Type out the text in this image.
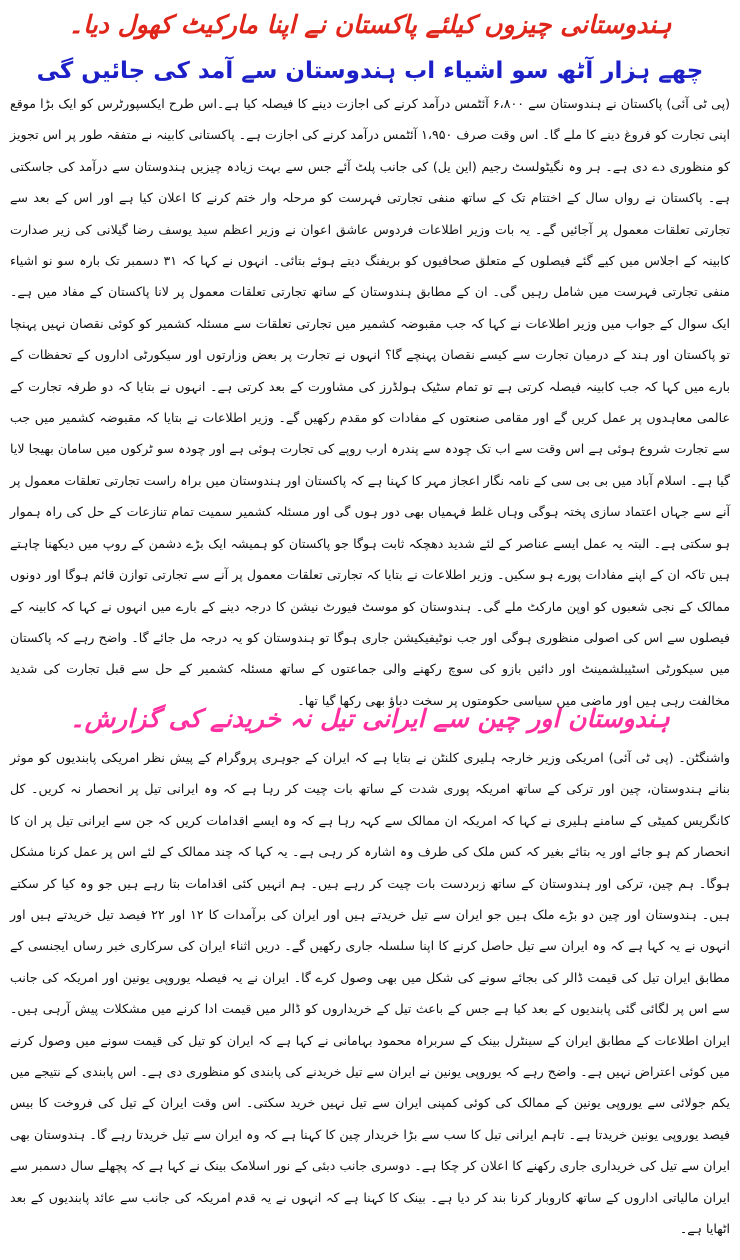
ہندوستانی چیزوں کیلئے پاکستان نے اپنا مارکیٹ کھول دیا۔
چھے ہزار آٹھ سو اشیاء اب ہندوستان سے آمد کی جائیں گی

(پی ٹی آئی) پاکستان نے ہندوستان سے ۶،۸۰۰ آئٹمس درآمد کرنے کی اجازت دینے کا فیصلہ کیا ہے۔اس طرح ایکسپورٹرس کو ایک بڑا موقع اپنی تجارت کو فروغ دینے کا ملے گا۔ اس وقت صرف ۱،۹۵۰ آئٹمس درآمد کرنے کی اجازت ہے۔ پاکستانی کابینہ نے متفقہ طور پر اس تجویز کو منظوری دے دی ہے۔ ہر وہ نگیٹولسٹ رجیم (این یل) کی جانب پلٹ آئے جس سے بہت زیادہ چیزیں ہندوستان سے درآمد کی جاسکتی ہے۔ پاکستان نے رواں سال کے اختتام تک کے ساتھ منفی تجارتی فہرست کو مرحلہ وار ختم کرنے کا اعلان کیا ہے اور اس کے بعد سے تجارتی تعلقات معمول پر آجائیں گے۔ یہ بات وزیر اطلاعات فردوس عاشق اعوان نے وزیر اعظم سید یوسف رضا گیلانی کی زیر صدارت کابینہ کے اجلاس میں کیے گئے فیصلوں کے متعلق صحافیوں کو بریفنگ دیتے ہوئے بتائی۔ انہوں نے کہا کہ ۳۱ دسمبر تک بارہ سو نو اشیاء منفی تجارتی فہرست میں شامل رہیں گی۔ ان کے مطابق ہندوستان کے ساتھ تجارتی تعلقات معمول پر لانا پاکستان کے مفاد میں ہے۔ ایک سوال کے جواب میں وزیر اطلاعات نے کہا کہ جب مقبوضہ کشمیر میں تجارتی تعلقات سے مسئلہ کشمیر کو کوئی نقصان نہیں پہنچا تو پاکستان اور ہند کے درمیان تجارت سے کیسے نقصان پہنچے گا؟ انہوں نے تجارت پر بعض وزارتوں اور سیکورٹی اداروں کے تحفظات کے بارے میں کہا کہ جب کابینہ فیصلہ کرتی ہے تو تمام سٹیک ہولڈرز کی مشاورت کے بعد کرتی ہے۔ انہوں نے بتایا کہ دو طرفہ تجارت کے عالمی معاہدوں پر عمل کریں گے اور مقامی صنعتوں کے مفادات کو مقدم رکھیں گے۔ وزیر اطلاعات نے بتایا کہ مقبوضہ کشمیر میں جب سے تجارت شروع ہوئی ہے اس وقت سے اب تک چودہ سے پندرہ ارب روپے کی تجارت ہوئی ہے اور چودہ سو ٹرکوں میں سامان بھیجا لایا گیا ہے۔ اسلام آباد میں بی بی سی کے نامہ نگار اعجاز مہر کا کہنا ہے کہ پاکستان اور ہندوستان میں براہ راست تجارتی تعلقات معمول پر آنے سے جہاں اعتماد سازی پختہ ہوگی وہاں غلط فہمیاں بھی دور ہوں گی اور مسئلہ کشمیر سمیت تمام تنازعات کے حل کی راہ ہموار ہو سکتی ہے۔ البتہ یہ عمل ایسے عناصر کے لئے شدید دھچکہ ثابت ہوگا جو پاکستان کو ہمیشہ ایک بڑے دشمن کے روپ میں دیکھنا چاہتے ہیں تاکہ ان کے اپنے مفادات پورے ہو سکیں۔ وزیر اطلاعات نے بتایا کہ تجارتی تعلقات معمول پر آنے سے تجارتی توازن قائم ہوگا اور دونوں ممالک کے نجی شعبوں کو اوپن مارکٹ ملے گی۔ ہندوستان کو موسٹ فیورٹ نیشن کا درجہ دینے کے بارے میں انہوں نے کہا کہ کابینہ کے فیصلوں سے اس کی اصولی منظوری ہوگی اور جب نوٹیفیکیشن جاری ہوگا تو ہندوستان کو یہ درجہ مل جائے گا۔ واضح رہے کہ پاکستان میں سیکورٹی اسٹیبلشمینٹ اور دائیں بازو کی سوچ رکھنے والی جماعتوں کے ساتھ مسئلہ کشمیر کے حل سے قبل تجارت کی شدید مخالفت رہی ہیں اور ماضی میں سیاسی حکومتوں پر سخت دباؤ بھی رکھا گیا تھا۔

ہندوستان اور چین سے ایرانی تیل نہ خریدنے کی گزارش۔

واشنگٹن۔ (پی ٹی آئی) امریکی وزیر خارجہ ہلیری کلنٹن نے بتایا ہے کہ ایران کے جوہری پروگرام کے پیش نظر امریکی پابندیوں کو موثر بنانے ہندوستان، چین اور ترکی کے ساتھ امریکہ پوری شدت کے ساتھ بات چیت کر رہا ہے کہ وہ ایرانی تیل پر انحصار نہ کریں۔ کل کانگریس کمیٹی کے سامنے ہلیری نے کہا کہ امریکہ ان ممالک سے کہہ رہا ہے کہ وہ ایسے اقدامات کریں کہ جن سے ایرانی تیل پر ان کا انحصار کم ہو جائے اور یہ بتائے بغیر کہ کس ملک کی طرف وہ اشارہ کر رہی ہے۔ یہ کہا کہ چند ممالک کے لئے اس پر عمل کرنا مشکل ہوگا۔ ہم چین، ترکی اور ہندوستان کے ساتھ زبردست بات چیت کر رہے ہیں۔ ہم انہیں کئی اقدامات بتا رہے ہیں جو وہ کیا کر سکتے ہیں۔ ہندوستان اور چین دو بڑے ملک ہیں جو ایران سے تیل خریدتے ہیں اور ایران کی برآمدات کا ۱۲ اور ۲۲ فیصد تیل خریدتے ہیں اور انہوں نے یہ کہا ہے کہ وہ ایران سے تیل حاصل کرنے کا اپنا سلسلہ جاری رکھیں گے۔ دریں اثناء ایران کی سرکاری خبر رساں ایجنسی کے مطابق ایران تیل کی قیمت ڈالر کی بجائے سونے کی شکل میں بھی وصول کرے گا۔ ایران نے یہ فیصلہ یوروپی یونین اور امریکہ کی جانب سے اس پر لگائی گئی پابندیوں کے بعد کیا ہے جس کے باعث تیل کے خریداروں کو ڈالر میں قیمت ادا کرنے میں مشکلات پیش آرہی ہیں۔ ایران اطلاعات کے مطابق ایران کے سینٹرل بینک کے سربراہ محمود بہامانی نے کہا ہے کہ ایران کو تیل کی قیمت سونے میں وصول کرنے میں کوئی اعتراض نہیں ہے۔ واضح رہے کہ یوروپی یونین نے ایران سے تیل خریدنے کی پابندی کو منظوری دی ہے۔ اس پابندی کے نتیجے میں یکم جولائی سے یوروپی یونین کے ممالک کی کوئی کمپنی ایران سے تیل نہیں خرید سکتی۔ اس وقت ایران کے تیل کی فروخت کا بیس فیصد یوروپی یونین خریدتا ہے۔ تاہم ایرانی تیل کا سب سے بڑا خریدار چین کا کہنا ہے کہ وہ ایران سے تیل خریدتا رہے گا۔ ہندوستان بھی ایران سے تیل کی خریداری جاری رکھنے کا اعلان کر چکا ہے۔ دوسری جانب دبئی کے نور اسلامک بینک نے کہا ہے کہ پچھلے سال دسمبر سے ایران مالیاتی اداروں کے ساتھ کاروبار کرنا بند کر دیا ہے۔ بینک کا کہنا ہے کہ انہوں نے یہ قدم امریکہ کی جانب سے عائد پابندیوں کے بعد اٹھایا ہے۔
